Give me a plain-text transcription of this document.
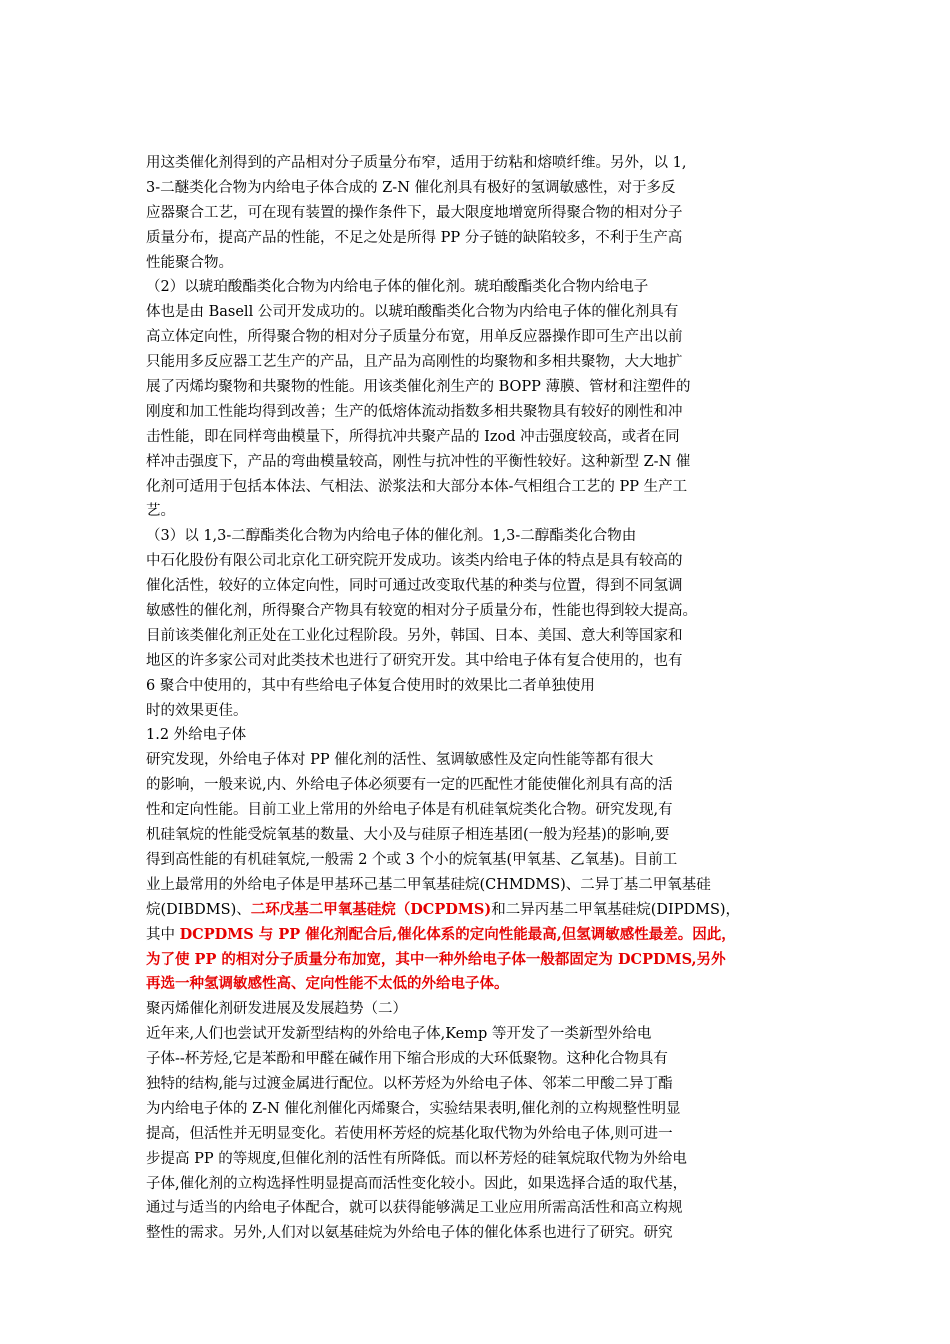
用这类催化剂得到的产品相对分子质量分布窄，适用于纺粘和熔喷纤维。另外，以 1,
3-二醚类化合物为内给电子体合成的 Z-N 催化剂具有极好的氢调敏感性，对于多反
应器聚合工艺，可在现有装置的操作条件下，最大限度地增宽所得聚合物的相对分子
质量分布，提高产品的性能，不足之处是所得 PP 分子链的缺陷较多，不利于生产高
性能聚合物。
（2）以琥珀酸酯类化合物为内给电子体的催化剂。琥珀酸酯类化合物内给电子
体也是由 Basell 公司开发成功的。以琥珀酸酯类化合物为内给电子体的催化剂具有
高立体定向性，所得聚合物的相对分子质量分布宽，用单反应器操作即可生产出以前
只能用多反应器工艺生产的产品，且产品为高刚性的均聚物和多相共聚物，大大地扩
展了丙烯均聚物和共聚物的性能。用该类催化剂生产的 BOPP 薄膜、管材和注塑件的
刚度和加工性能均得到改善；生产的低熔体流动指数多相共聚物具有较好的刚性和冲
击性能，即在同样弯曲模量下，所得抗冲共聚产品的 Izod 冲击强度较高，或者在同
样冲击强度下，产品的弯曲模量较高，刚性与抗冲性的平衡性较好。这种新型 Z-N 催
化剂可适用于包括本体法、气相法、淤浆法和大部分本体-气相组合工艺的 PP 生产工
艺。
（3）以 1,3-二醇酯类化合物为内给电子体的催化剂。1,3-二醇酯类化合物由
中石化股份有限公司北京化工研究院开发成功。该类内给电子体的特点是具有较高的
催化活性，较好的立体定向性，同时可通过改变取代基的种类与位置，得到不同氢调
敏感性的催化剂，所得聚合产物具有较宽的相对分子质量分布，性能也得到较大提高。
目前该类催化剂正处在工业化过程阶段。另外，韩国、日本、美国、意大利等国家和
地区的许多家公司对此类技术也进行了研究开发。其中给电子体有复合使用的，也有
6 聚合中使用的，其中有些给电子体复合使用时的效果比二者单独使用
时的效果更佳。
1.2 外给电子体
研究发现，外给电子体对 PP 催化剂的活性、氢调敏感性及定向性能等都有很大
的影响，一般来说,内、外给电子体必须要有一定的匹配性才能使催化剂具有高的活
性和定向性能。目前工业上常用的外给电子体是有机硅氧烷类化合物。研究发现,有
机硅氧烷的性能受烷氧基的数量、大小及与硅原子相连基团(一般为羟基)的影响,要
得到高性能的有机硅氧烷,一般需 2 个或 3 个小的烷氧基(甲氧基、乙氧基)。目前工
业上最常用的外给电子体是甲基环己基二甲氧基硅烷(CHMDMS)、二异丁基二甲氧基硅
烷(DIBDMS)、二环戊基二甲氧基硅烷（DCPDMS)和二异丙基二甲氧基硅烷(DIPDMS)，
其中 DCPDMS 与 PP 催化剂配合后,催化体系的定向性能最高,但氢调敏感性最差。因此，
为了使 PP 的相对分子质量分布加宽，其中一种外给电子体一般都固定为 DCPDMS,另外
再选一种氢调敏感性高、定向性能不太低的外给电子体。
聚丙烯催化剂研发进展及发展趋势（二）
近年来,人们也尝试开发新型结构的外给电子体,Kemp 等开发了一类新型外给电
子体--杯芳烃,它是苯酚和甲醛在碱作用下缩合形成的大环低聚物。这种化合物具有
独特的结构,能与过渡金属进行配位。以杯芳烃为外给电子体、邻苯二甲酸二异丁酯
为内给电子体的 Z-N 催化剂催化丙烯聚合，实验结果表明,催化剂的立构规整性明显
提高，但活性并无明显变化。若使用杯芳烃的烷基化取代物为外给电子体,则可进一
步提高 PP 的等规度,但催化剂的活性有所降低。而以杯芳烃的硅氧烷取代物为外给电
子体,催化剂的立构选择性明显提高而活性变化较小。因此，如果选择合适的取代基，
通过与适当的内给电子体配合，就可以获得能够满足工业应用所需高活性和高立构规
整性的需求。另外,人们对以氨基硅烷为外给电子体的催化体系也进行了研究。研究
